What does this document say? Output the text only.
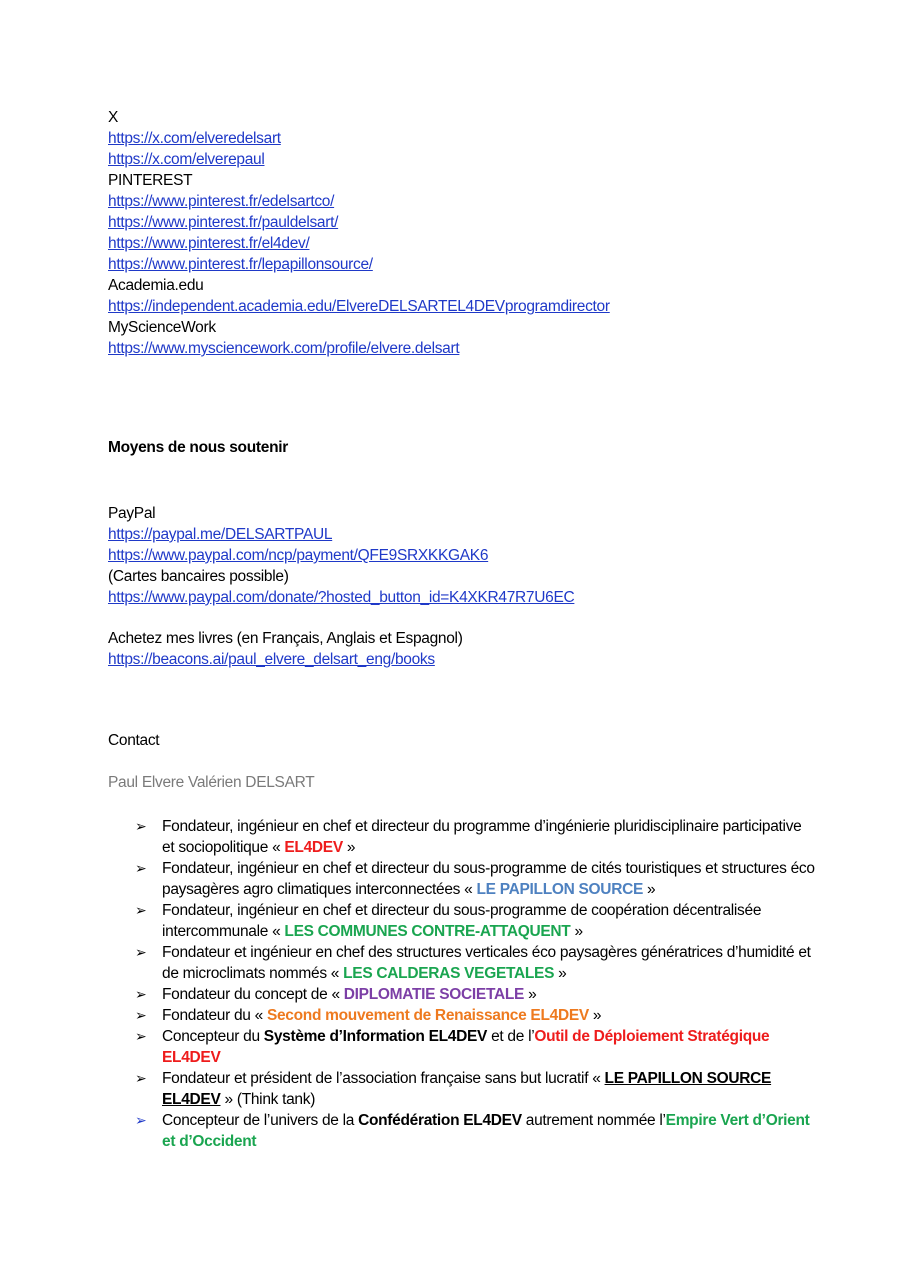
X
https://x.com/elveredelsart
https://x.com/elverepaul
PINTEREST
https://www.pinterest.fr/edelsartco/
https://www.pinterest.fr/pauldelsart/
https://www.pinterest.fr/el4dev/
https://www.pinterest.fr/lepapillonsource/
Academia.edu
https://independent.academia.edu/ElvereDELSARTEL4DEVprogramdirector
MyScienceWork
https://www.mysciencework.com/profile/elvere.delsart
Moyens de nous soutenir
PayPal
https://paypal.me/DELSARTPAUL
https://www.paypal.com/ncp/payment/QFE9SRXKKGAK6
(Cartes bancaires possible)
https://www.paypal.com/donate/?hosted_button_id=K4XKR47R7U6EC
Achetez mes livres (en Français, Anglais et Espagnol)
https://beacons.ai/paul_elvere_delsart_eng/books
Contact
Paul Elvere Valérien DELSART
➢ Fondateur, ingénieur en chef et directeur du programme d’ingénierie pluridisciplinaire participative et sociopolitique « EL4DEV »
➢ Fondateur, ingénieur en chef et directeur du sous-programme de cités touristiques et structures éco paysagères agro climatiques interconnectées « LE PAPILLON SOURCE »
➢ Fondateur, ingénieur en chef et directeur du sous-programme de coopération décentralisée intercommunale « LES COMMUNES CONTRE-ATTAQUENT »
➢ Fondateur et ingénieur en chef des structures verticales éco paysagères génératrices d’humidité et de microclimats nommés « LES CALDERAS VEGETALES »
➢ Fondateur du concept de « DIPLOMATIE SOCIETALE »
➢ Fondateur du « Second mouvement de Renaissance EL4DEV »
➢ Concepteur du Système d’Information EL4DEV et de l’Outil de Déploiement Stratégique EL4DEV
➢ Fondateur et président de l’association française sans but lucratif « LE PAPILLON SOURCE EL4DEV » (Think tank)
➢ Concepteur de l’univers de la Confédération EL4DEV autrement nommée l’Empire Vert d’Orient et d’Occident
